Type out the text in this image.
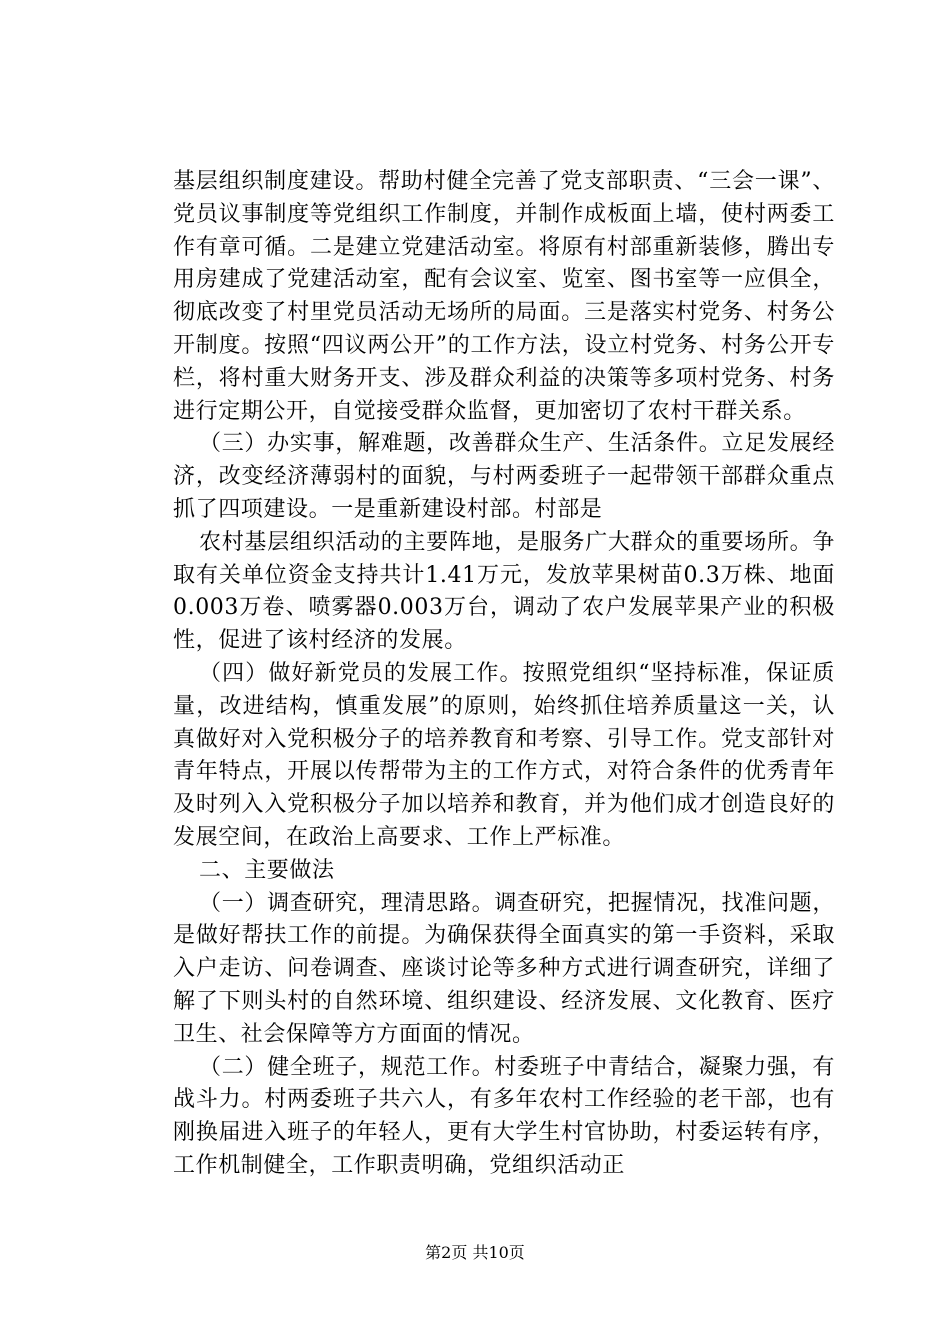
基层组织制度建设。帮助村健全完善了党支部职责、“三会一课”、党员议事制度等党组织工作制度，并制作成板面上墙，使村两委工作有章可循。二是建立党建活动室。将原有村部重新装修，腾出专用房建成了党建活动室，配有会议室、览室、图书室等一应俱全，彻底改变了村里党员活动无场所的局面。三是落实村党务、村务公开制度。按照“四议两公开”的工作方法，设立村党务、村务公开专栏，将村重大财务开支、涉及群众利益的决策等多项村党务、村务进行定期公开，自觉接受群众监督，更加密切了农村干群关系。

（三）办实事，解难题，改善群众生产、生活条件。立足发展经济，改变经济薄弱村的面貌，与村两委班子一起带领干部群众重点抓了四项建设。一是重新建设村部。村部是

农村基层组织活动的主要阵地，是服务广大群众的重要场所。争取有关单位资金支持共计1.41万元，发放苹果树苗0.3万株、地面0.003万卷、喷雾器0.003万台，调动了农户发展苹果产业的积极性，促进了该村经济的发展。

（四）做好新党员的发展工作。按照党组织“坚持标准，保证质量，改进结构，慎重发展”的原则，始终抓住培养质量这一关，认真做好对入党积极分子的培养教育和考察、引导工作。党支部针对青年特点，开展以传帮带为主的工作方式，对符合条件的优秀青年及时列入入党积极分子加以培养和教育，并为他们成才创造良好的发展空间，在政治上高要求、工作上严标准。

二、主要做法

（一）调查研究，理清思路。调查研究，把握情况，找准问题，是做好帮扶工作的前提。为确保获得全面真实的第一手资料，采取入户走访、问卷调查、座谈讨论等多种方式进行调查研究，详细了解了下则头村的自然环境、组织建设、经济发展、文化教育、医疗卫生、社会保障等方方面面的情况。

（二）健全班子，规范工作。村委班子中青结合，凝聚力强，有战斗力。村两委班子共六人，有多年农村工作经验的老干部，也有刚换届进入班子的年轻人，更有大学生村官协助，村委运转有序，工作机制健全，工作职责明确，党组织活动正

第2页 共10页
